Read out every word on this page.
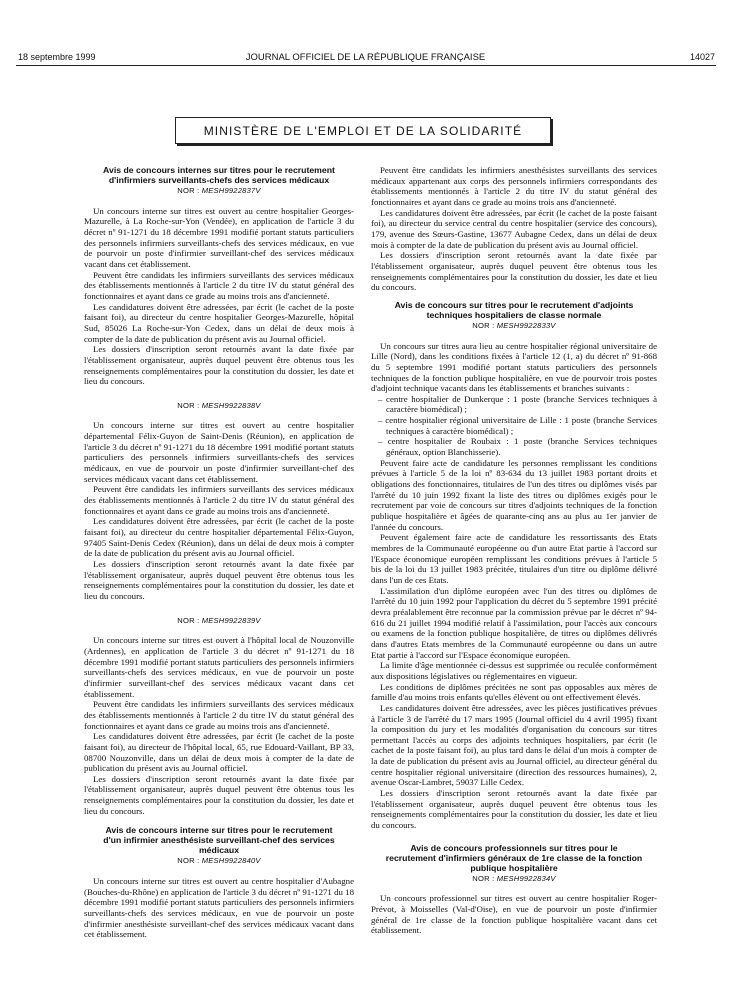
18 septembre 1999	JOURNAL OFFICIEL DE LA RÉPUBLIQUE FRANÇAISE	14027
MINISTÈRE DE L'EMPLOI ET DE LA SOLIDARITÉ
Avis de concours internes sur titres pour le recrutement d'infirmiers surveillants-chefs des services médicaux
NOR : MESH9922837V

Un concours interne sur titres est ouvert au centre hospitalier Georges-Mazurelle, à La Roche-sur-Yon (Vendée), en application de l'article 3 du décret nº 91-1271 du 18 décembre 1991 modifié portant statuts particuliers des personnels infirmiers surveillants-chefs des services médicaux, en vue de pourvoir un poste d'infirmier surveillant-chef des services médicaux vacant dans cet établissement.

Peuvent être candidats les infirmiers surveillants des services médicaux des établissements mentionnés à l'article 2 du titre IV du statut général des fonctionnaires et ayant dans ce grade au moins trois ans d'ancienneté.

Les candidatures doivent être adressées, par écrit (le cachet de la poste faisant foi), au directeur du centre hospitalier Georges-Mazurelle, hôpital Sud, 85026 La Roche-sur-Yon Cedex, dans un délai de deux mois à compter de la date de publication du présent avis au Journal officiel.

Les dossiers d'inscription seront retournés avant la date fixée par l'établissement organisateur, auprès duquel peuvent être obtenus tous les renseignements complémentaires pour la constitution du dossier, les date et lieu du concours.

NOR : MESH9922838V

Un concours interne sur titres est ouvert au centre hospitalier départemental Félix-Guyon de Saint-Denis (Réunion), en application de l'article 3 du décret nº 91-1271 du 18 décembre 1991 modifié portant statuts particuliers des personnels infirmiers surveillants-chefs des services médicaux, en vue de pourvoir un poste d'infirmier surveillant-chef des services médicaux vacant dans cet établissement.

Peuvent être candidats les infirmiers surveillants des services médicaux des établissements mentionnés à l'article 2 du titre IV du statut général des fonctionnaires et ayant dans ce grade au moins trois ans d'ancienneté.

Les candidatures doivent être adressées, par écrit (le cachet de la poste faisant foi), au directeur du centre hospitalier départemental Félix-Guyon, 97405 Saint-Denis Cedex (Réunion), dans un délai de deux mois à compter de la date de publication du présent avis au Journal officiel.

Les dossiers d'inscription seront retournés avant la date fixée par l'établissement organisateur, auprès duquel peuvent être obtenus tous les renseignements complémentaires pour la constitution du dossier, les date et lieu du concours.

NOR : MESH9922839V

Un concours interne sur titres est ouvert à l'hôpital local de Nouzonville (Ardennes), en application de l'article 3 du décret nº 91-1271 du 18 décembre 1991 modifié portant statuts particuliers des personnels infirmiers surveillants-chefs des services médicaux, en vue de pourvoir un poste d'infirmier surveillant-chef des services médicaux vacant dans cet établissement.

Peuvent être candidats les infirmiers surveillants des services médicaux des établissements mentionnés à l'article 2 du titre IV du statut général des fonctionnaires et ayant dans ce grade au moins trois ans d'ancienneté.

Les candidatures doivent être adressées, par écrit (le cachet de la poste faisant foi), au directeur de l'hôpital local, 65, rue Edouard-Vaillant, BP 33, 08700 Nouzonville, dans un délai de deux mois à compter de la date de publication du présent avis au Journal officiel.

Les dossiers d'inscription seront retournés avant la date fixée par l'établissement organisateur, auprès duquel peuvent être obtenus tous les renseignements complémentaires pour la constitution du dossier, les date et lieu du concours.

Avis de concours interne sur titres pour le recrutement d'un infirmier anesthésiste surveillant-chef des services médicaux
NOR : MESH9922840V

Un concours interne sur titres est ouvert au centre hospitalier d'Aubagne (Bouches-du-Rhône) en application de l'article 3 du décret nº 91-1271 du 18 décembre 1991 modifié portant statuts particuliers des personnels infirmiers surveillants-chefs des services médicaux, en vue de pourvoir un poste d'infirmier anesthésiste surveillant-chef des services médicaux vacant dans cet établissement.

Peuvent être candidats les infirmiers anesthésistes surveillants des services médicaux appartenant aux corps des personnels infirmiers correspondants des établissements mentionnés à l'article 2 du titre IV du statut général des fonctionnaires et ayant dans ce grade au moins trois ans d'ancienneté.

Les candidatures doivent être adressées, par écrit (le cachet de la poste faisant foi), au directeur du service central du centre hospitalier (service des concours), 179, avenue des Sœurs-Gastine, 13677 Aubagne Cedex, dans un délai de deux mois à compter de la date de publication du présent avis au Journal officiel.

Les dossiers d'inscription seront retournés avant la date fixée par l'établissement organisateur, auprès duquel peuvent être obtenus tous les renseignements complémentaires pour la constitution du dossier, les date et lieu du concours.

Avis de concours sur titres pour le recrutement d'adjoints techniques hospitaliers de classe normale
NOR : MESH9922833V

Un concours sur titres aura lieu au centre hospitalier régional universitaire de Lille (Nord), dans les conditions fixées à l'article 12 (1, a) du décret nº 91-868 du 5 septembre 1991 modifié portant statuts particuliers des personnels techniques de la fonction publique hospitalière, en vue de pourvoir trois postes d'adjoint technique vacants dans les établissements et branches suivants :

– centre hospitalier de Dunkerque : 1 poste (branche Services techniques à caractère biomédical) ;
– centre hospitalier régional universitaire de Lille : 1 poste (branche Services techniques à caractère biomédical) ;
– centre hospitalier de Roubaix : 1 poste (branche Services techniques généraux, option Blanchisserie).

Peuvent faire acte de candidature les personnes remplissant les conditions prévues à l'article 5 de la loi nº 83-634 du 13 juillet 1983 portant droits et obligations des fonctionnaires, titulaires de l'un des titres ou diplômes visés par l'arrêté du 10 juin 1992 fixant la liste des titres ou diplômes exigés pour le recrutement par voie de concours sur titres d'adjoints techniques de la fonction publique hospitalière et âgées de quarante-cinq ans au plus au 1er janvier de l'année du concours.

Peuvent également faire acte de candidature les ressortissants des Etats membres de la Communauté européenne ou d'un autre Etat partie à l'accord sur l'Espace économique européen remplissant les conditions prévues à l'article 5 bis de la loi du 13 juillet 1983 précitée, titulaires d'un titre ou diplôme délivré dans l'un de ces Etats.

L'assimilation d'un diplôme européen avec l'un des titres ou diplômes de l'arrêté du 10 juin 1992 pour l'application du décret du 5 septembre 1991 précité devra préalablement être reconnue par la commission prévue par le décret nº 94-616 du 21 juillet 1994 modifié relatif à l'assimilation, pour l'accès aux concours ou examens de la fonction publique hospitalière, de titres ou diplômes délivrés dans d'autres Etats membres de la Communauté européenne ou dans un autre Etat partie à l'accord sur l'Espace économique européen.

La limite d'âge mentionnée ci-dessus est supprimée ou reculée conformément aux dispositions législatives ou réglementaires en vigueur.

Les conditions de diplômes précitées ne sont pas opposables aux mères de famille d'au moins trois enfants qu'elles élèvent ou ont effectivement élevés.

Les candidatures doivent être adressées, avec les pièces justificatives prévues à l'article 3 de l'arrêté du 17 mars 1995 (Journal officiel du 4 avril 1995) fixant la composition du jury et les modalités d'organisation du concours sur titres permettant l'accès au corps des adjoints techniques hospitaliers, par écrit (le cachet de la poste faisant foi), au plus tard dans le délai d'un mois à compter de la date de publication du présent avis au Journal officiel, au directeur général du centre hospitalier régional universitaire (direction des ressources humaines), 2, avenue Oscar-Lambret, 59037 Lille Cedex.

Les dossiers d'inscription seront retournés avant la date fixée par l'établissement organisateur, auprès duquel peuvent être obtenus tous les renseignements complémentaires pour la constitution du dossier, les date et lieu du concours.

Avis de concours professionnels sur titres pour le recrutement d'infirmiers généraux de 1re classe de la fonction publique hospitalière
NOR : MESH9922834V

Un concours professionnel sur titres est ouvert au centre hospitalier Roger-Prévot, à Moisselles (Val-d'Oise), en vue de pourvoir un poste d'infirmier général de 1re classe de la fonction publique hospitalière vacant dans cet établissement.
